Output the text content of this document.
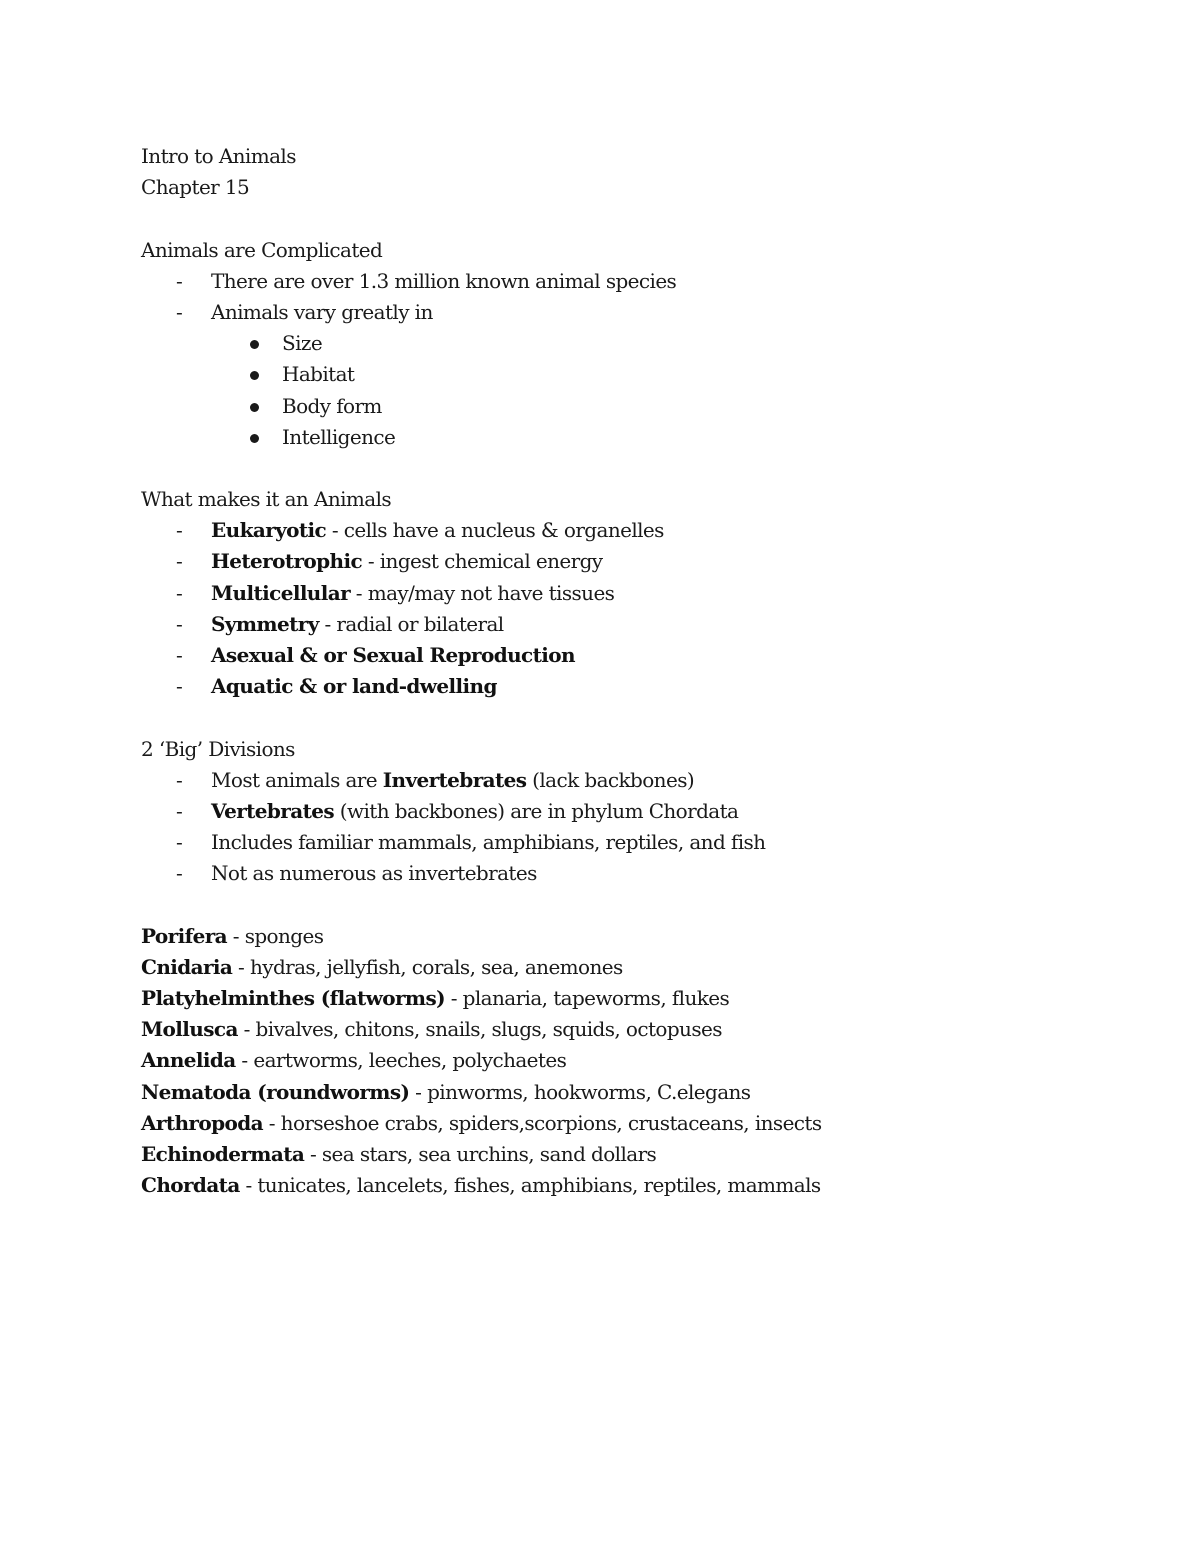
Intro to Animals
Chapter 15
Animals are Complicated
- There are over 1.3 million known animal species
- Animals vary greatly in
Size
Habitat
Body form
Intelligence
What makes it an Animals
- Eukaryotic - cells have a nucleus & organelles
- Heterotrophic - ingest chemical energy
- Multicellular - may/may not have tissues
- Symmetry - radial or bilateral
- Asexual & or Sexual Reproduction
- Aquatic & or land-dwelling
2 ‘Big’ Divisions
- Most animals are Invertebrates (lack backbones)
- Vertebrates (with backbones) are in phylum Chordata
- Includes familiar mammals, amphibians, reptiles, and fish
- Not as numerous as invertebrates
Porifera - sponges
Cnidaria - hydras, jellyfish, corals, sea, anemones
Platyhelminthes (flatworms) - planaria, tapeworms, flukes
Mollusca - bivalves, chitons, snails, slugs, squids, octopuses
Annelida - eartworms, leeches, polychaetes
Nematoda (roundworms) - pinworms, hookworms, C.elegans
Arthropoda - horseshoe crabs, spiders,scorpions, crustaceans, insects
Echinodermata - sea stars, sea urchins, sand dollars
Chordata - tunicates, lancelets, fishes, amphibians, reptiles, mammals
